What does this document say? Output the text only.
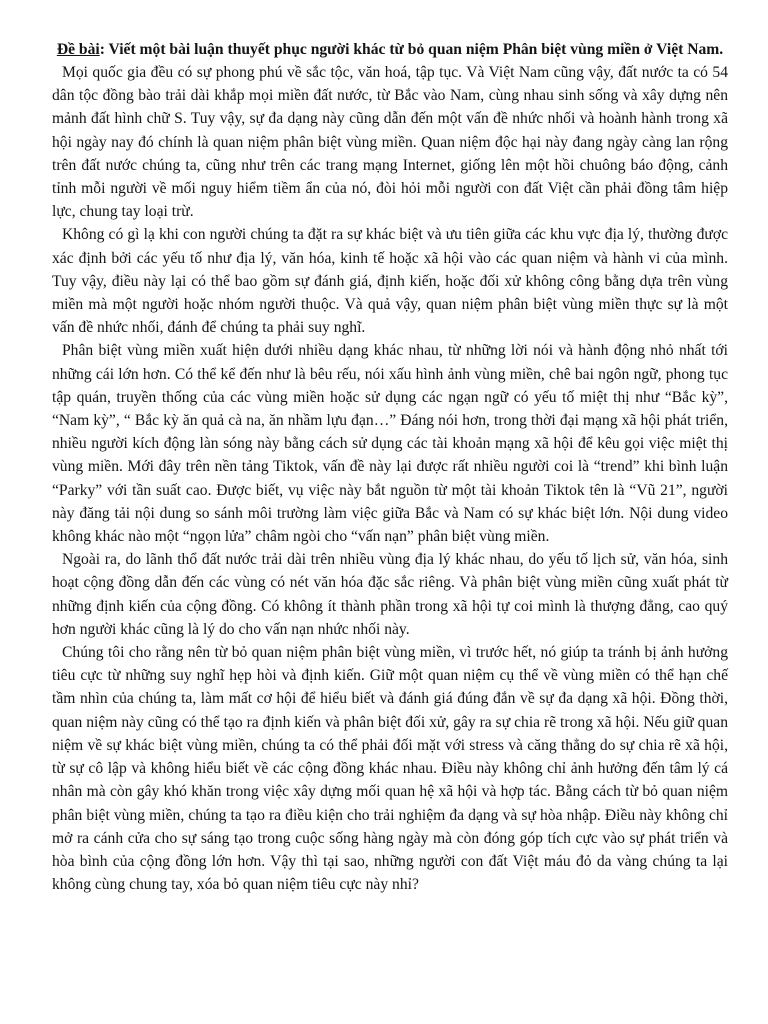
Đề bài: Viết một bài luận thuyết phục người khác từ bỏ quan niệm Phân biệt vùng miền ở Việt Nam.

Mọi quốc gia đều có sự phong phú về sắc tộc, văn hoá, tập tục. Và Việt Nam cũng vậy, đất nước ta có 54 dân tộc đồng bào trải dài khắp mọi miền đất nước, từ Bắc vào Nam, cùng nhau sinh sống và xây dựng nên mảnh đất hình chữ S. Tuy vậy, sự đa dạng này cũng dẫn đến một vấn đề nhức nhối và hoành hành trong xã hội ngày nay đó chính là quan niệm phân biệt vùng miền. Quan niệm độc hại này đang ngày càng lan rộng trên đất nước chúng ta, cũng như trên các trang mạng Internet, giống lên một hồi chuông báo động, cảnh tỉnh mỗi người về mối nguy hiểm tiềm ẩn của nó, đòi hỏi mỗi người con đất Việt cần phải đồng tâm hiệp lực, chung tay loại trừ.

Không có gì lạ khi con người chúng ta đặt ra sự khác biệt và ưu tiên giữa các khu vực địa lý, thường được xác định bởi các yếu tố như địa lý, văn hóa, kinh tế hoặc xã hội vào các quan niệm và hành vi của mình. Tuy vậy, điều này lại có thể bao gồm sự đánh giá, định kiến, hoặc đối xử không công bằng dựa trên vùng miền mà một người hoặc nhóm người thuộc. Và quả vậy, quan niệm phân biệt vùng miền thực sự là một vấn đề nhức nhối, đánh để chúng ta phải suy nghĩ.

Phân biệt vùng miền xuất hiện dưới nhiều dạng khác nhau, từ những lời nói và hành động nhỏ nhất tới những cái lớn hơn. Có thể kể đến như là bêu rếu, nói xấu hình ảnh vùng miền, chê bai ngôn ngữ, phong tục tập quán, truyền thống của các vùng miền hoặc sử dụng các ngạn ngữ có yếu tố miệt thị như “Bắc kỳ”, “Nam kỳ”, “ Bắc kỳ ăn quả cà na, ăn nhầm lựu đạn…” Đáng nói hơn, trong thời đại mạng xã hội phát triển, nhiều người kích động làn sóng này bằng cách sử dụng các tài khoản mạng xã hội để kêu gọi việc miệt thị vùng miền. Mới đây trên nền tảng Tiktok, vấn đề này lại được rất nhiều người coi là “trend” khi bình luận “Parky” với tần suất cao. Được biết, vụ việc này bắt nguồn từ một tài khoản Tiktok tên là “Vũ 21”, người này đăng tải nội dung so sánh môi trường làm việc giữa Bắc và Nam có sự khác biệt lớn. Nội dung video không khác nào một “ngọn lửa” châm ngòi cho “vấn nạn” phân biệt vùng miền.

Ngoài ra, do lãnh thổ đất nước trải dài trên nhiều vùng địa lý khác nhau, do yếu tố lịch sử, văn hóa, sinh hoạt cộng đồng dẫn đến các vùng có nét văn hóa đặc sắc riêng. Và phân biệt vùng miền cũng xuất phát từ những định kiến của cộng đồng. Có không ít thành phần trong xã hội tự coi mình là thượng đẳng, cao quý hơn người khác cũng là lý do cho vấn nạn nhức nhối này.

Chúng tôi cho rằng nên từ bỏ quan niệm phân biệt vùng miền, vì trước hết, nó giúp ta tránh bị ảnh hưởng tiêu cực từ những suy nghĩ hẹp hòi và định kiến. Giữ một quan niệm cụ thể về vùng miền có thể hạn chế tầm nhìn của chúng ta, làm mất cơ hội để hiểu biết và đánh giá đúng đắn về sự đa dạng xã hội. Đồng thời, quan niệm này cũng có thể tạo ra định kiến và phân biệt đối xử, gây ra sự chia rẽ trong xã hội. Nếu giữ quan niệm về sự khác biệt vùng miền, chúng ta có thể phải đối mặt với stress và căng thẳng do sự chia rẽ xã hội, từ sự cô lập và không hiểu biết về các cộng đồng khác nhau. Điều này không chỉ ảnh hưởng đến tâm lý cá nhân mà còn gây khó khăn trong việc xây dựng mối quan hệ xã hội và hợp tác. Bằng cách từ bỏ quan niệm phân biệt vùng miền, chúng ta tạo ra điều kiện cho trải nghiệm đa dạng và sự hòa nhập. Điều này không chỉ mở ra cánh cửa cho sự sáng tạo trong cuộc sống hàng ngày mà còn đóng góp tích cực vào sự phát triển và hòa bình của cộng đồng lớn hơn. Vậy thì tại sao, những người con đất Việt máu đỏ da vàng chúng ta lại không cùng chung tay, xóa bỏ quan niệm tiêu cực này nhỉ?
